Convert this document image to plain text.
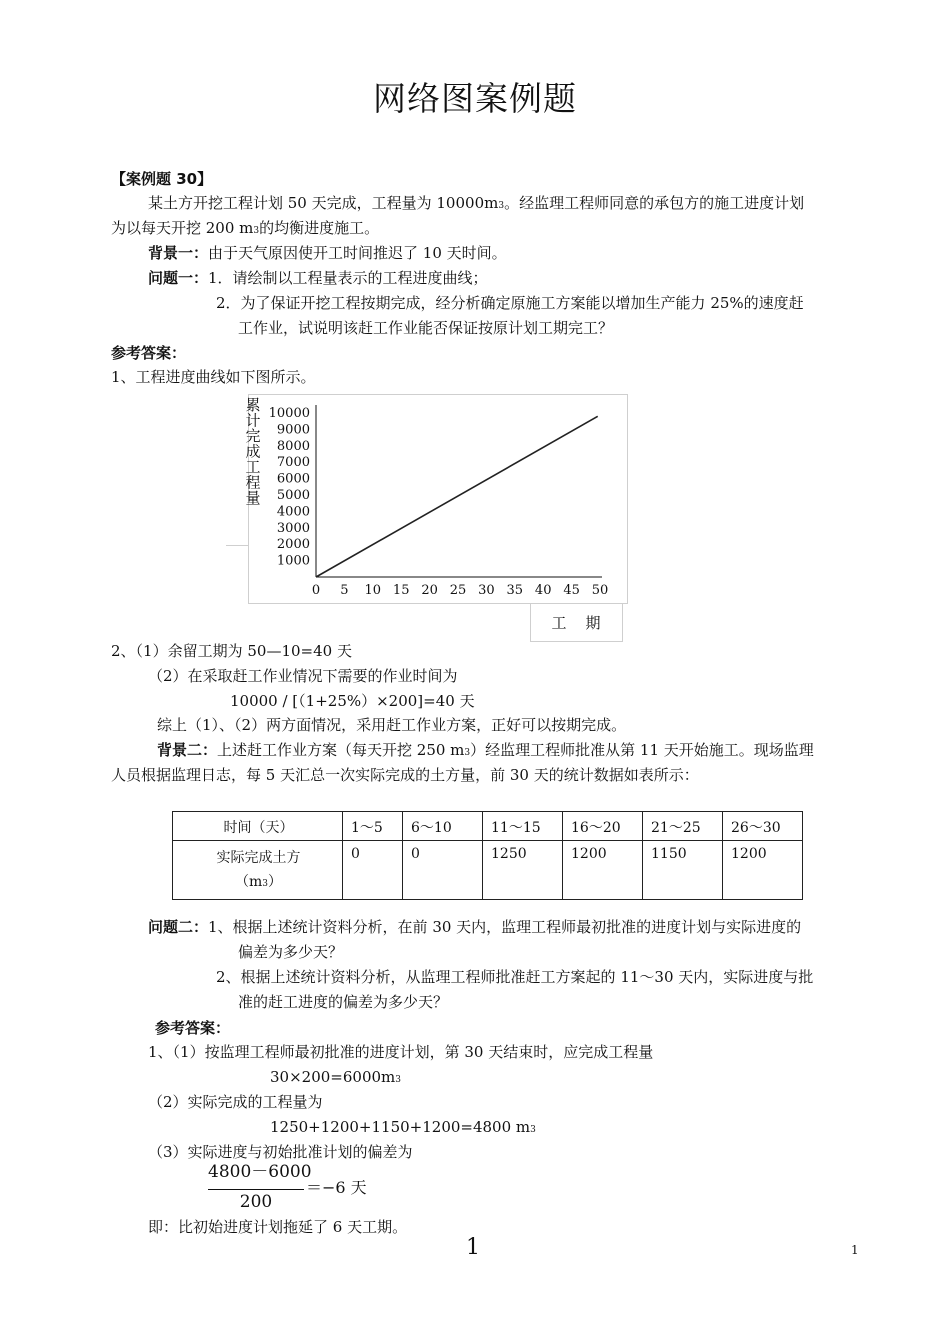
网络图案例题
【案例题 30】
某土方开挖工程计划 50 天完成，工程量为 10000m3。经监理工程师同意的承包方的施工进度计划
为以每天开挖 200 m3的均衡进度施工。
背景一：由于天气原因使开工时间推迟了 10 天时间。
问题一：1．请绘制以工程量表示的工程进度曲线；
2．为了保证开挖工程按期完成，经分析确定原施工方案能以增加生产能力 25%的速度赶
工作业，试说明该赶工作业能否保证按原计划工期完工？
参考答案：
1、工程进度曲线如下图所示。
0 5 10 15 20 25 30 35 40 45 50
1000
2000
3000
4000
5000
6000
7000
8000
9000
10000
累
计
完
成
工
程
量
工    期
2、（1）余留工期为 50—10=40 天
（2）在采取赶工作业情况下需要的作业时间为
10000 / [（1+25%）×200]=40 天
综上（1）、（2）两方面情况，采用赶工作业方案，正好可以按期完成。
背景二：上述赶工作业方案（每天开挖 250 m3）经监理工程师批准从第 11 天开始施工。现场监理
人员根据监理日志，每 5 天汇总一次实际完成的土方量，前 30 天的统计数据如表所示：
时间（天）	1～5	6～10	11～15	16～20	21～25	26～30
实际完成土方
（m3）	0	0	1250	1200	1150	1200
问题二：1、根据上述统计资料分析，在前 30 天内，监理工程师最初批准的进度计划与实际进度的
偏差为多少天？
2、根据上述统计资料分析，从监理工程师批准赶工方案起的 11～30 天内，实际进度与批
准的赶工进度的偏差为多少天？
参考答案：
1、（1）按监理工程师最初批准的进度计划，第 30 天结束时，应完成工程量
30×200=6000m3
（2）实际完成的工程量为
1250+1200+1150+1200=4800 m3
（3）实际进度与初始批准计划的偏差为
4800－6000
200
＝−6 天
即：比初始进度计划拖延了 6 天工期。
1	1
